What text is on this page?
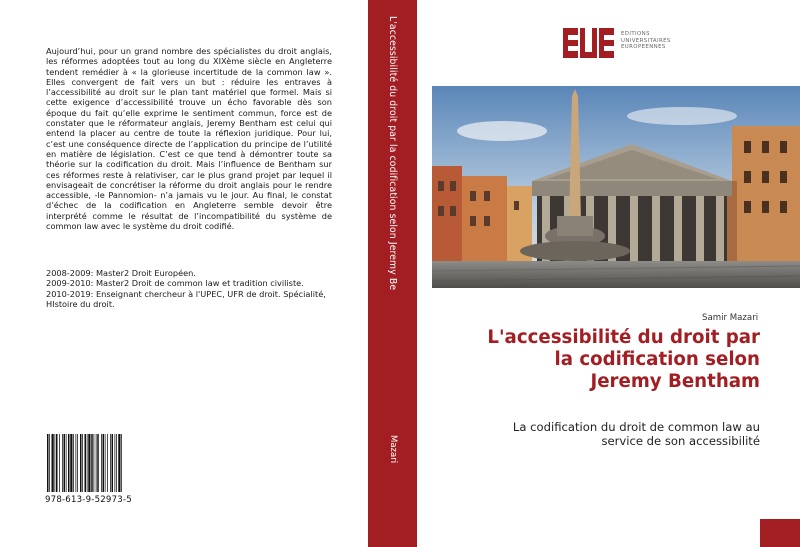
Aujourd’hui, pour un grand nombre des spécialistes du droit anglais, les réformes adoptées tout au long du XIXème siècle en Angleterre tendent remédier à « la glorieuse incertitude de la common law ». Elles convergent de fait vers un but : réduire les entraves à l’accessibilité au droit sur le plan tant matériel que formel. Mais si cette exigence d’accessibilité trouve un écho favorable dès son époque du fait qu’elle exprime le sentiment commun, force est de constater que le réformateur anglais, Jeremy Bentham est celui qui entend la placer au centre de toute la réflexion juridique. Pour lui, c’est une conséquence directe de l’application du principe de l’utilité en matière de législation. C’est ce que tend à démontrer toute sa théorie sur la codification du droit. Mais l’influence de Bentham sur ces réformes reste à relativiser, car le plus grand projet par lequel il envisageait de concrétiser la réforme du droit anglais pour le rendre accessible, -le Pannomion- n’a jamais vu le jour. Au final, le constat d’échec de la codification en Angleterre semble devoir être interprété comme le résultat de l’incompatibilité du système de common law avec le système du droit codifié.
2008-2009: Master2 Droit Européen.
2009-2010: Master2 Droit de common law et tradition civiliste.
2010-2019: Enseignant chercheur à l'UPEC, UFR de droit. Spécialité, HIstoire du droit.
978-613-9-52973-5
L'accessibilité du droit par la codification selon Jeremy Be
Mazari
EDITIONS
UNIVERSITAIRES
EUROPEENNES
Samir Mazari
L'accessibilité du droit par
la codification selon
Jeremy Bentham
La codification du droit de common law au
service de son accessibilité
